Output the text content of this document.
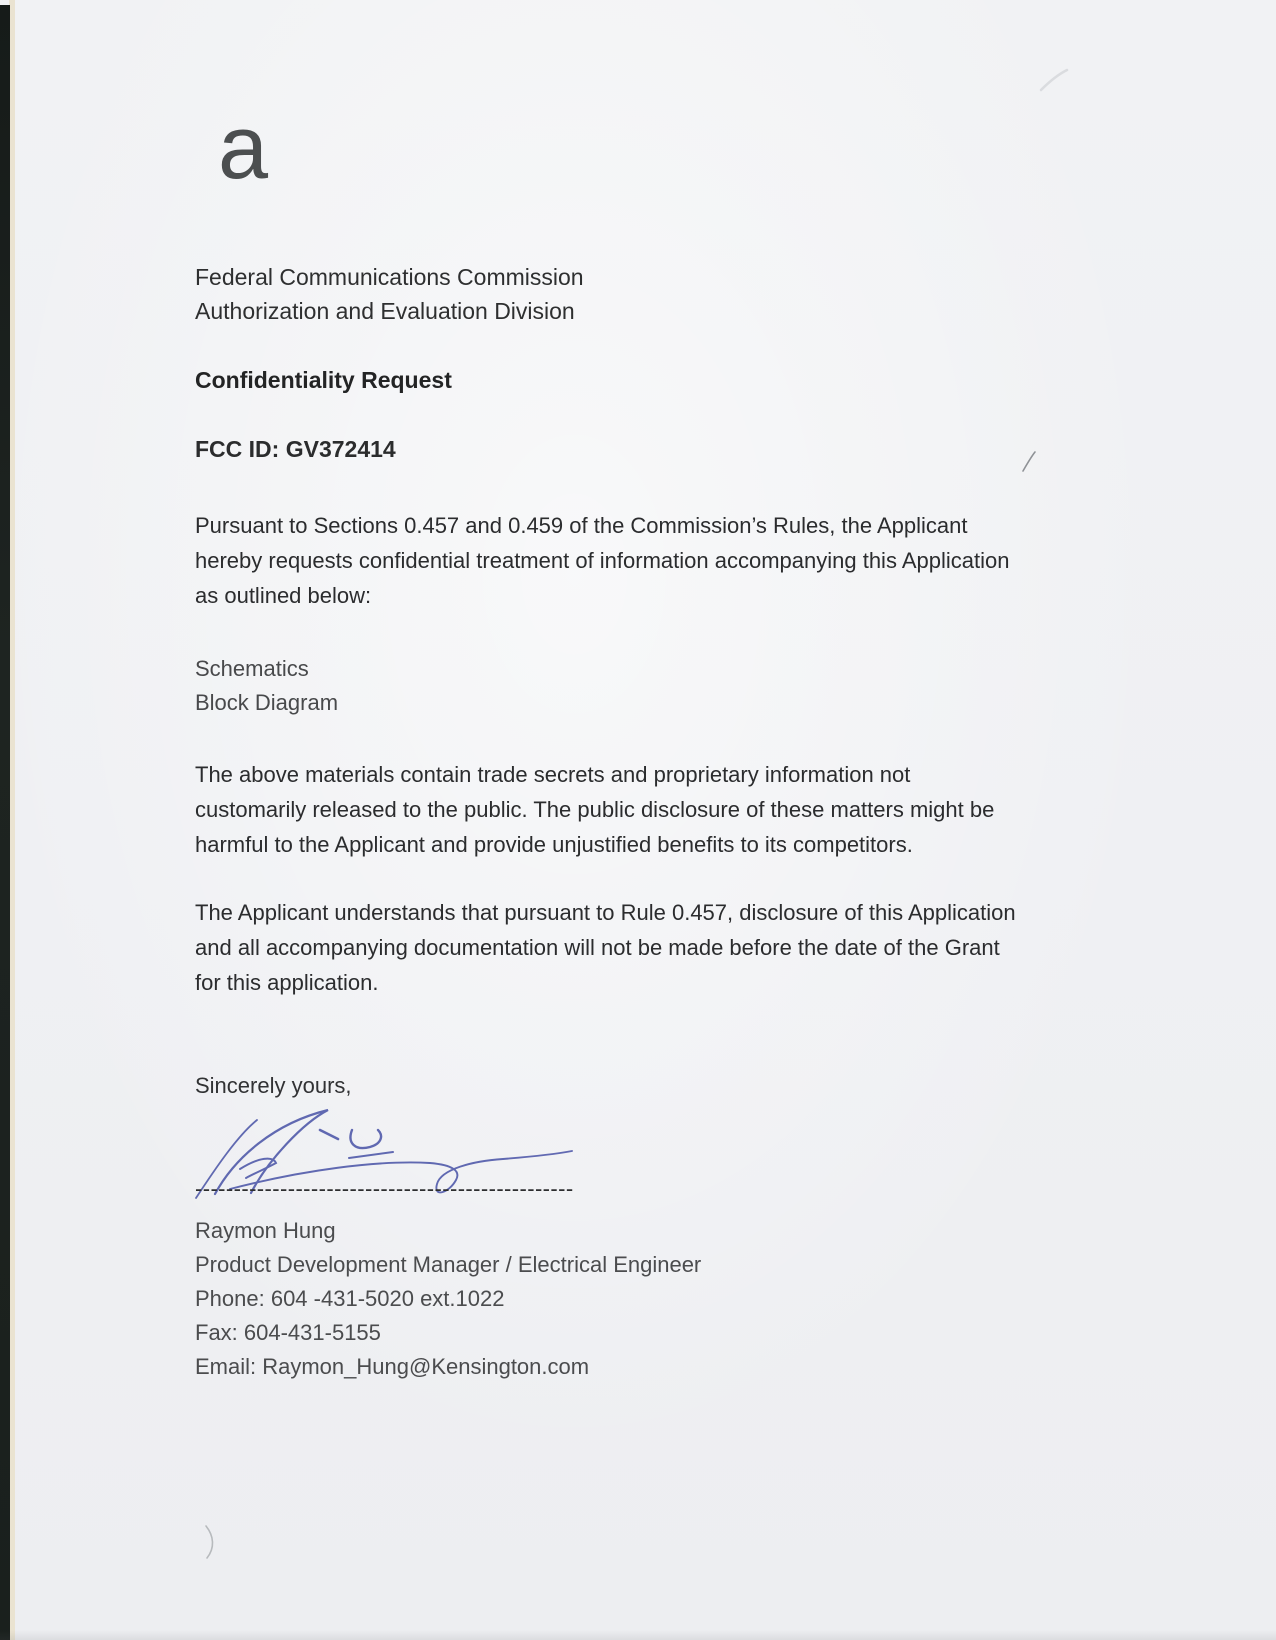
a
Federal Communications Commission
Authorization and Evaluation Division
Confidentiality Request
FCC ID: GV372414
Pursuant to Sections 0.457 and 0.459 of the Commission’s Rules, the Applicant
hereby requests confidential treatment of information accompanying this Application
as outlined below:
Schematics
Block Diagram
The above materials contain trade secrets and proprietary information not
customarily released to the public. The public disclosure of these matters might be
harmful to the Applicant and provide unjustified benefits to its competitors.
The Applicant understands that pursuant to Rule 0.457, disclosure of this Application
and all accompanying documentation will not be made before the date of the Grant
for this application.
Sincerely yours,
-------------------------------------------------
Raymon Hung
Product Development Manager / Electrical Engineer
Phone: 604 -431-5020 ext.1022
Fax: 604-431-5155
Email: Raymon_Hung@Kensington.com
